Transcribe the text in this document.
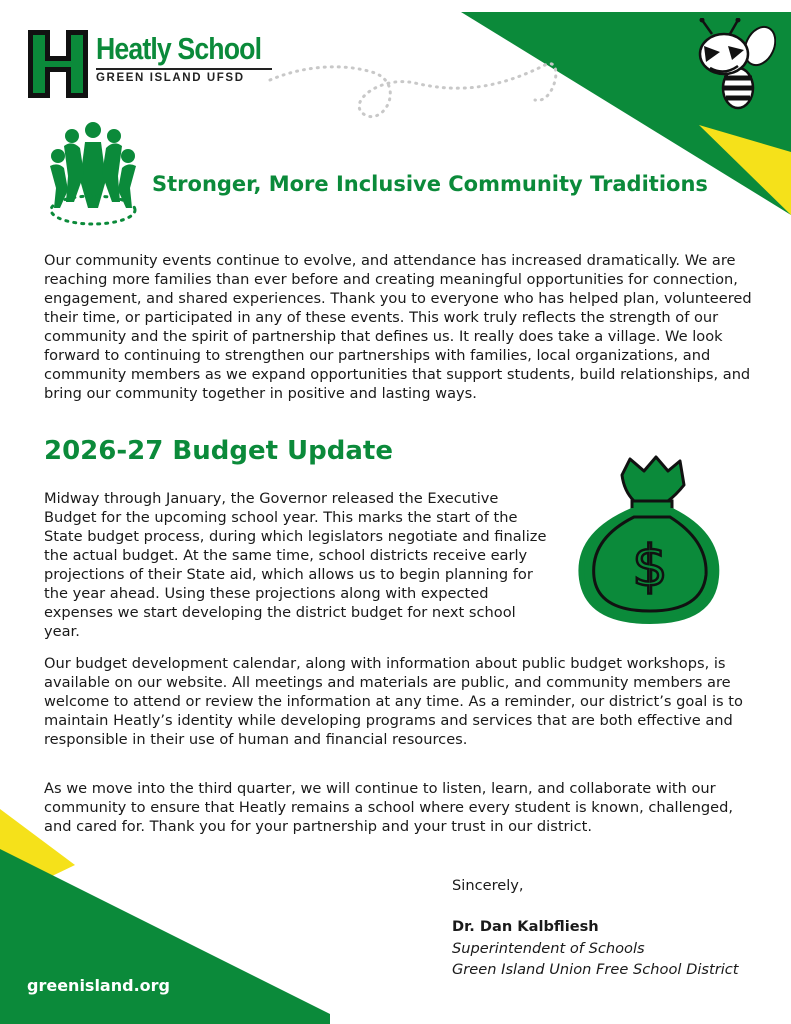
Heatly School
GREEN ISLAND UFSD
Stronger, More Inclusive Community Traditions

Our community events continue to evolve, and attendance has increased dramatically. We are reaching more families than ever before and creating meaningful opportunities for connection, engagement, and shared experiences. Thank you to everyone who has helped plan, volunteered their time, or participated in any of these events. This work truly reflects the strength of our community and the spirit of partnership that defines us. It really does take a village. We look forward to continuing to strengthen our partnerships with families, local organizations, and community members as we expand opportunities that support students, build relationships, and bring our community together in positive and lasting ways.

2026-27 Budget Update

Midway through January, the Governor released the Executive Budget for the upcoming school year. This marks the start of the State budget process, during which legislators negotiate and finalize the actual budget. At the same time, school districts receive early projections of their State aid, which allows us to begin planning for the year ahead. Using these projections along with expected expenses we start developing the district budget for next school year.

$

Our budget development calendar, along with information about public budget workshops, is available on our website. All meetings and materials are public, and community members are welcome to attend or review the information at any time. As a reminder, our district’s goal is to maintain Heatly’s identity while developing programs and services that are both effective and responsible in their use of human and financial resources.

As we move into the third quarter, we will continue to listen, learn, and collaborate with our community to ensure that Heatly remains a school where every student is known, challenged, and cared for. Thank you for your partnership and your trust in our district.

Sincerely,
Dr. Dan Kalbfliesh
Superintendent of Schools
Green Island Union Free School District
greenisland.org
